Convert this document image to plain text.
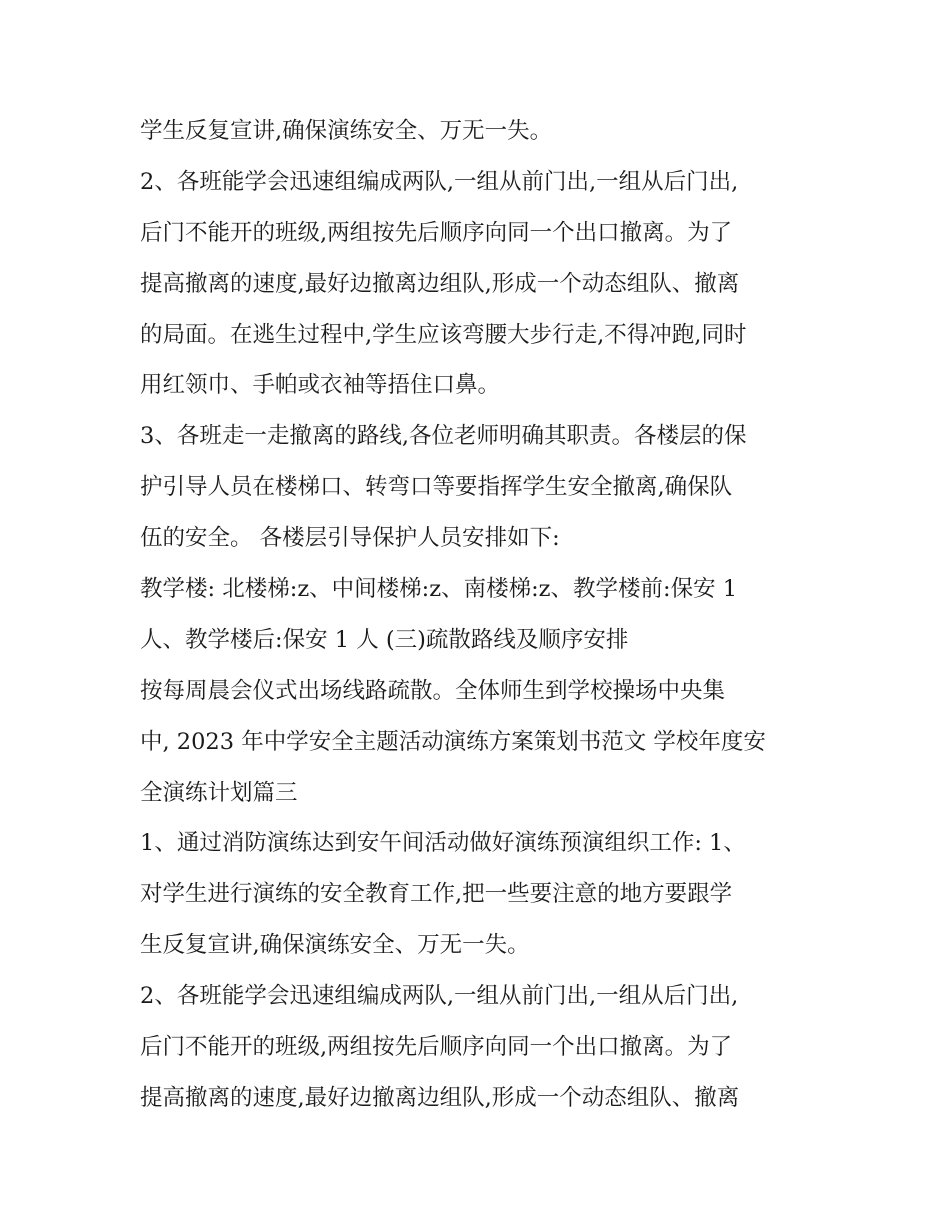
学生反复宣讲,确保演练安全、万无一失。
2、各班能学会迅速组编成两队,一组从前门出,一组从后门出,
后门不能开的班级,两组按先后顺序向同一个出口撤离。为了
提高撤离的速度,最好边撤离边组队,形成一个动态组队、撤离
的局面。在逃生过程中,学生应该弯腰大步行走,不得冲跑,同时
用红领巾、手帕或衣袖等捂住口鼻。
3、各班走一走撤离的路线,各位老师明确其职责。各楼层的保
护引导人员在楼梯口、转弯口等要指挥学生安全撤离,确保队
伍的安全。 各楼层引导保护人员安排如下:
教学楼: 北楼梯:z、中间楼梯:z、南楼梯:z、教学楼前:保安 1
人、教学楼后:保安 1 人 (三)疏散路线及顺序安排
按每周晨会仪式出场线路疏散。全体师生到学校操场中央集
中, 2023 年中学安全主题活动演练方案策划书范文 学校年度安
全演练计划篇三
1、通过消防演练达到安午间活动做好演练预演组织工作: 1、
对学生进行演练的安全教育工作,把一些要注意的地方要跟学
生反复宣讲,确保演练安全、万无一失。
2、各班能学会迅速组编成两队,一组从前门出,一组从后门出,
后门不能开的班级,两组按先后顺序向同一个出口撤离。为了
提高撤离的速度,最好边撤离边组队,形成一个动态组队、撤离
